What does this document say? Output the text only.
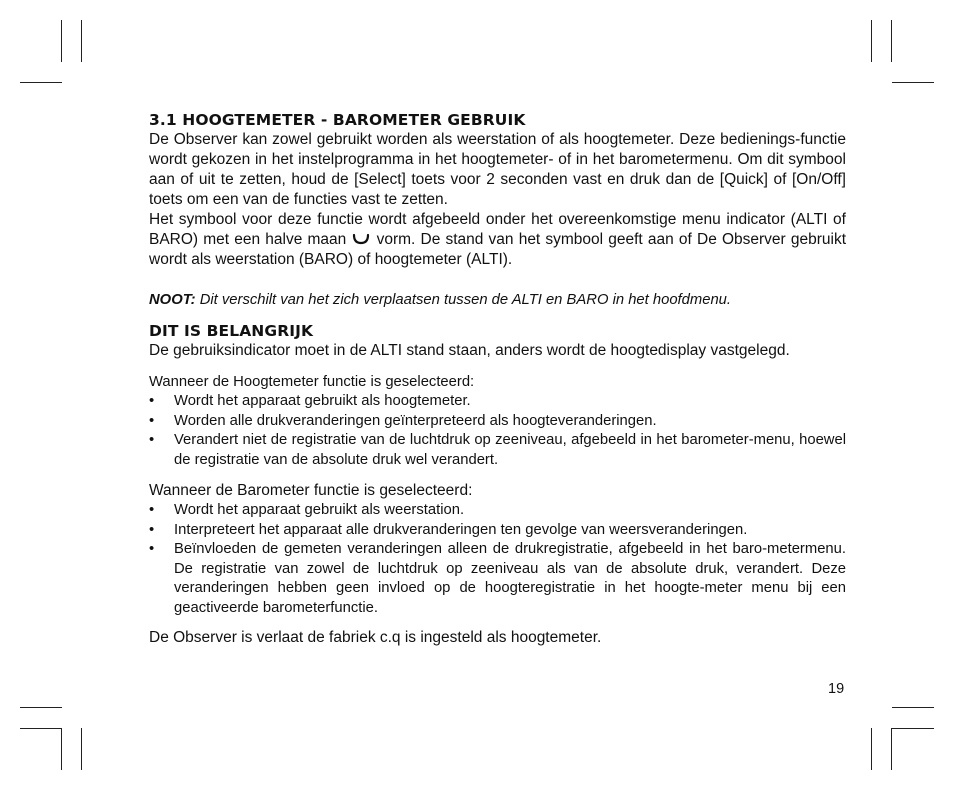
3.1 HOOGTEMETER - BAROMETER GEBRUIK

De Observer kan zowel gebruikt worden als weerstation of als hoogtemeter. Deze bedienings-functie wordt gekozen in het instelprogramma in het hoogtemeter- of in het barometermenu. Om dit symbool aan of uit te zetten, houd de [Select] toets voor 2 seconden vast en druk dan de [Quick] of [On/Off] toets om een van de functies vast te zetten.

Het symbool voor deze functie wordt afgebeeld onder het overeenkomstige menu indicator (ALTI of BARO) met een halve maan vorm. De stand van het symbool geeft aan of De Observer gebruikt wordt als weerstation (BARO) of hoogtemeter (ALTI).

NOOT: Dit verschilt van het zich verplaatsen tussen de ALTI en BARO in het hoofdmenu.

DIT IS BELANGRIJK

De gebruiksindicator moet in de ALTI stand staan, anders wordt de hoogtedisplay vastgelegd.

Wanneer de Hoogtemeter functie is geselecteerd:

• Wordt het apparaat gebruikt als hoogtemeter.
• Worden alle drukveranderingen geïnterpreteerd als hoogteveranderingen.
• Verandert niet de registratie van de luchtdruk op zeeniveau, afgebeeld in het barometer-menu, hoewel de registratie van de absolute druk wel verandert.

Wanneer de Barometer functie is geselecteerd:

• Wordt het apparaat gebruikt als weerstation.
• Interpreteert het apparaat alle drukveranderingen ten gevolge van weersveranderingen.
• Beïnvloeden de gemeten veranderingen alleen de drukregistratie, afgebeeld in het baro-metermenu. De registratie van zowel de luchtdruk op zeeniveau als van de absolute druk, verandert. Deze veranderingen hebben geen invloed op de hoogteregistratie in het hoogte-meter menu bij een geactiveerde barometerfunctie.

De Observer is verlaat de fabriek c.q is ingesteld als hoogtemeter.

19
